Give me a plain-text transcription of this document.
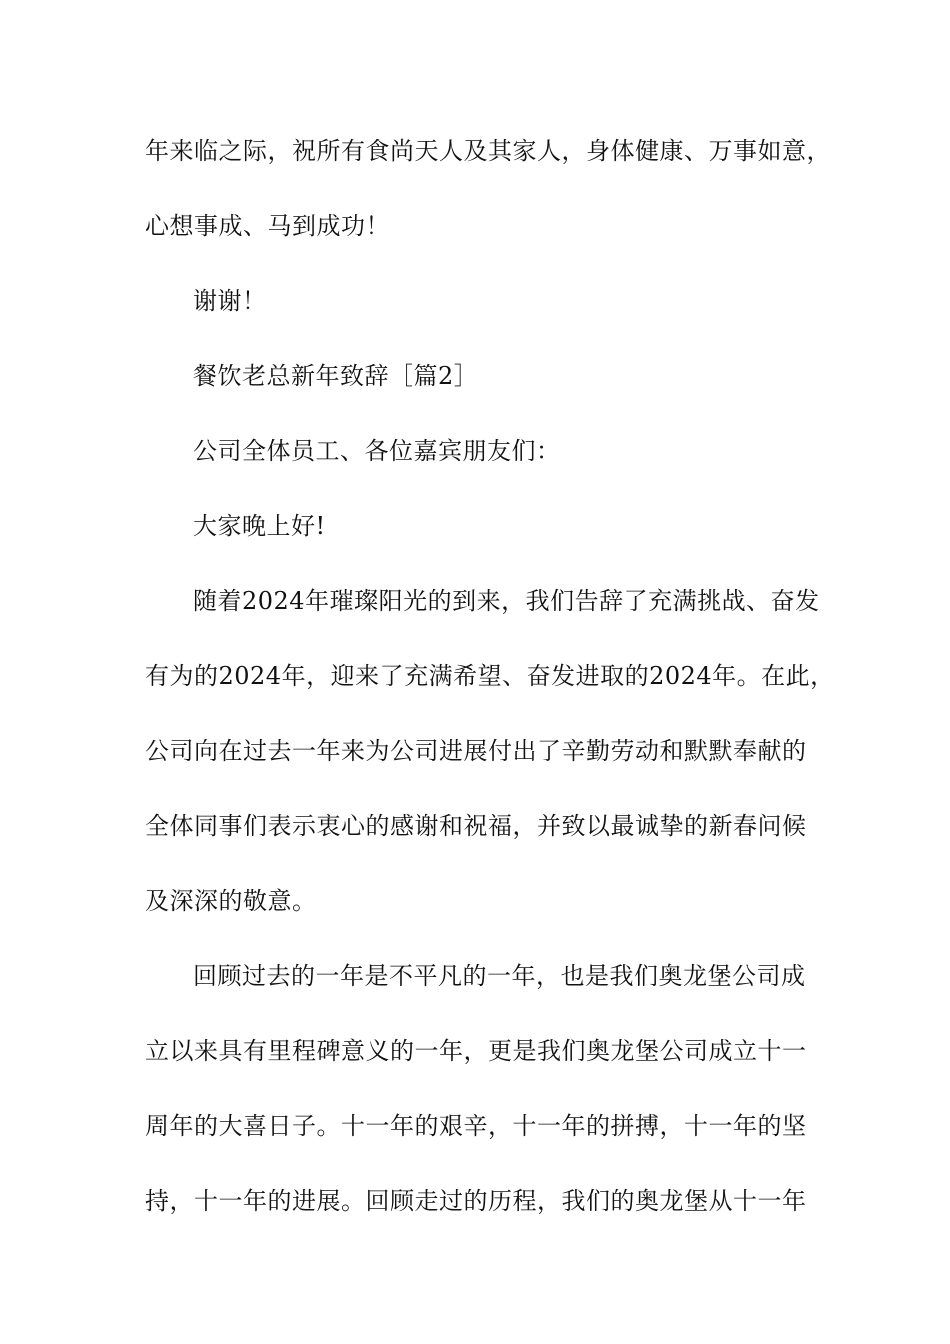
年来临之际，祝所有食尚天人及其家人，身体健康、万事如意，
心想事成、马到成功！
谢谢！
餐饮老总新年致辞［篇2］
公司全体员工、各位嘉宾朋友们：
大家晚上好!
随着2024年璀璨阳光的到来，我们告辞了充满挑战、奋发
有为的2024年，迎来了充满希望、奋发进取的2024年。在此，
公司向在过去一年来为公司进展付出了辛勤劳动和默默奉献的
全体同事们表示衷心的感谢和祝福，并致以最诚挚的新春问候
及深深的敬意。
回顾过去的一年是不平凡的一年，也是我们奥龙堡公司成
立以来具有里程碑意义的一年，更是我们奥龙堡公司成立十一
周年的大喜日子。十一年的艰辛，十一年的拼搏，十一年的坚
持，十一年的进展。回顾走过的历程，我们的奥龙堡从十一年
